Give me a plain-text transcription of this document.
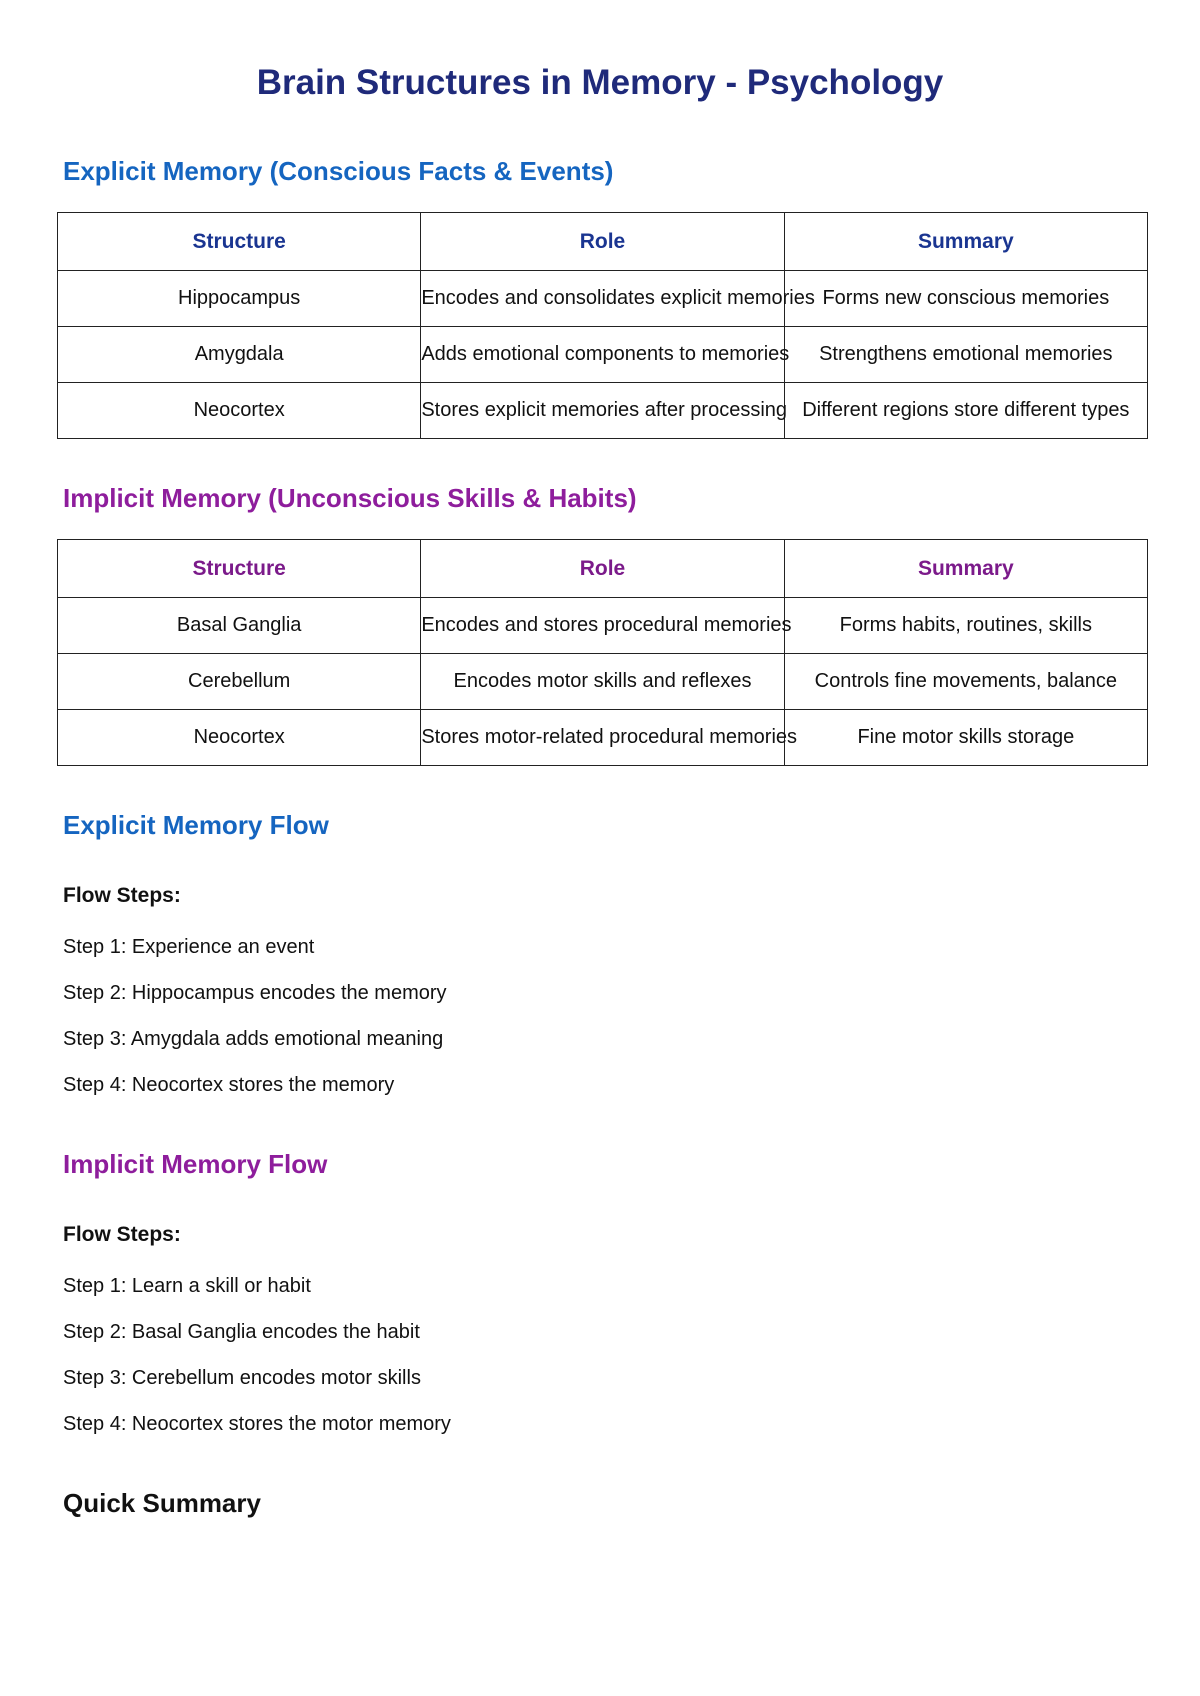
Brain Structures in Memory - Psychology
Explicit Memory (Conscious Facts & Events)
Structure	Role	Summary
Hippocampus	Encodes and consolidates explicit memories	Forms new conscious memories
Amygdala	Adds emotional components to memories	Strengthens emotional memories
Neocortex	Stores explicit memories after processing	Different regions store different types
Implicit Memory (Unconscious Skills & Habits)
Structure	Role	Summary
Basal Ganglia	Encodes and stores procedural memories	Forms habits, routines, skills
Cerebellum	Encodes motor skills and reflexes	Controls fine movements, balance
Neocortex	Stores motor-related procedural memories	Fine motor skills storage
Explicit Memory Flow

Flow Steps:

Step 1: Experience an event
Step 2: Hippocampus encodes the memory
Step 3: Amygdala adds emotional meaning
Step 4: Neocortex stores the memory
Implicit Memory Flow

Flow Steps:

Step 1: Learn a skill or habit
Step 2: Basal Ganglia encodes the habit
Step 3: Cerebellum encodes motor skills
Step 4: Neocortex stores the motor memory
Quick Summary
